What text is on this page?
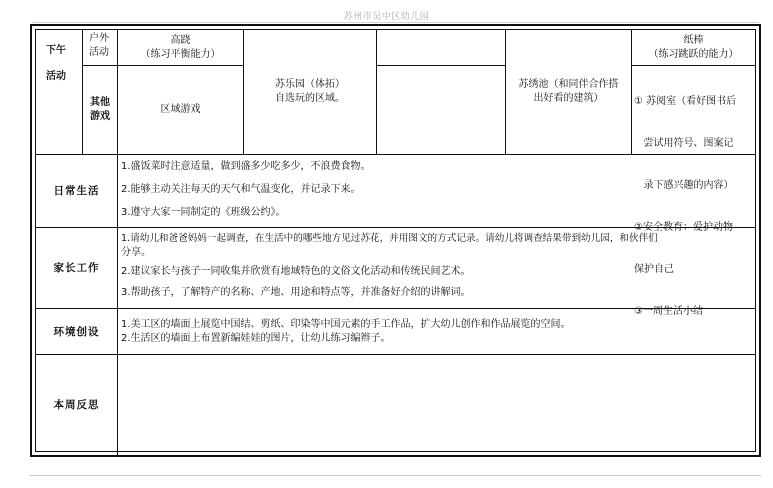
苏州市吴中区幼儿园
下午
活动
户外
活动
其他
游戏
高跷
（练习平衡能力）
区域游戏
苏乐园（体拓）
自选玩的区域。
苏绣池（和同伴合作搭
出好看的建筑）
纸棒
（练习跳跃的能力）

① 苏阅室（看好图书后

尝试用符号、图案记

录下感兴趣的内容）

②安全教育：爱护动物

保护自己

③一周生活小结

日常生活
1.盛饭菜时注意适量，做到盛多少吃多少，不浪费食物。
2.能够主动关注每天的天气和气温变化，并记录下来。
3.遵守大家一同制定的《班级公约》。
家长工作
1.请幼儿和爸爸妈妈一起调查，在生活中的哪些地方见过苏花，并用图文的方式记录。请幼儿将调查结果带到幼儿园，和伙伴们
分享。
2.建议家长与孩子一同收集并欣赏有地域特色的文俗文化活动和传统民间艺术。
3.帮助孩子，了解特产的名称、产地、用途和特点等，并准备好介绍的讲解词。
环境创设
1.美工区的墙面上展览中国结、剪纸、印染等中国元素的手工作品，扩大幼儿创作和作品展览的空间。
2.生活区的墙面上布置新编娃娃的图片，让幼儿练习编辫子。
本周反思
